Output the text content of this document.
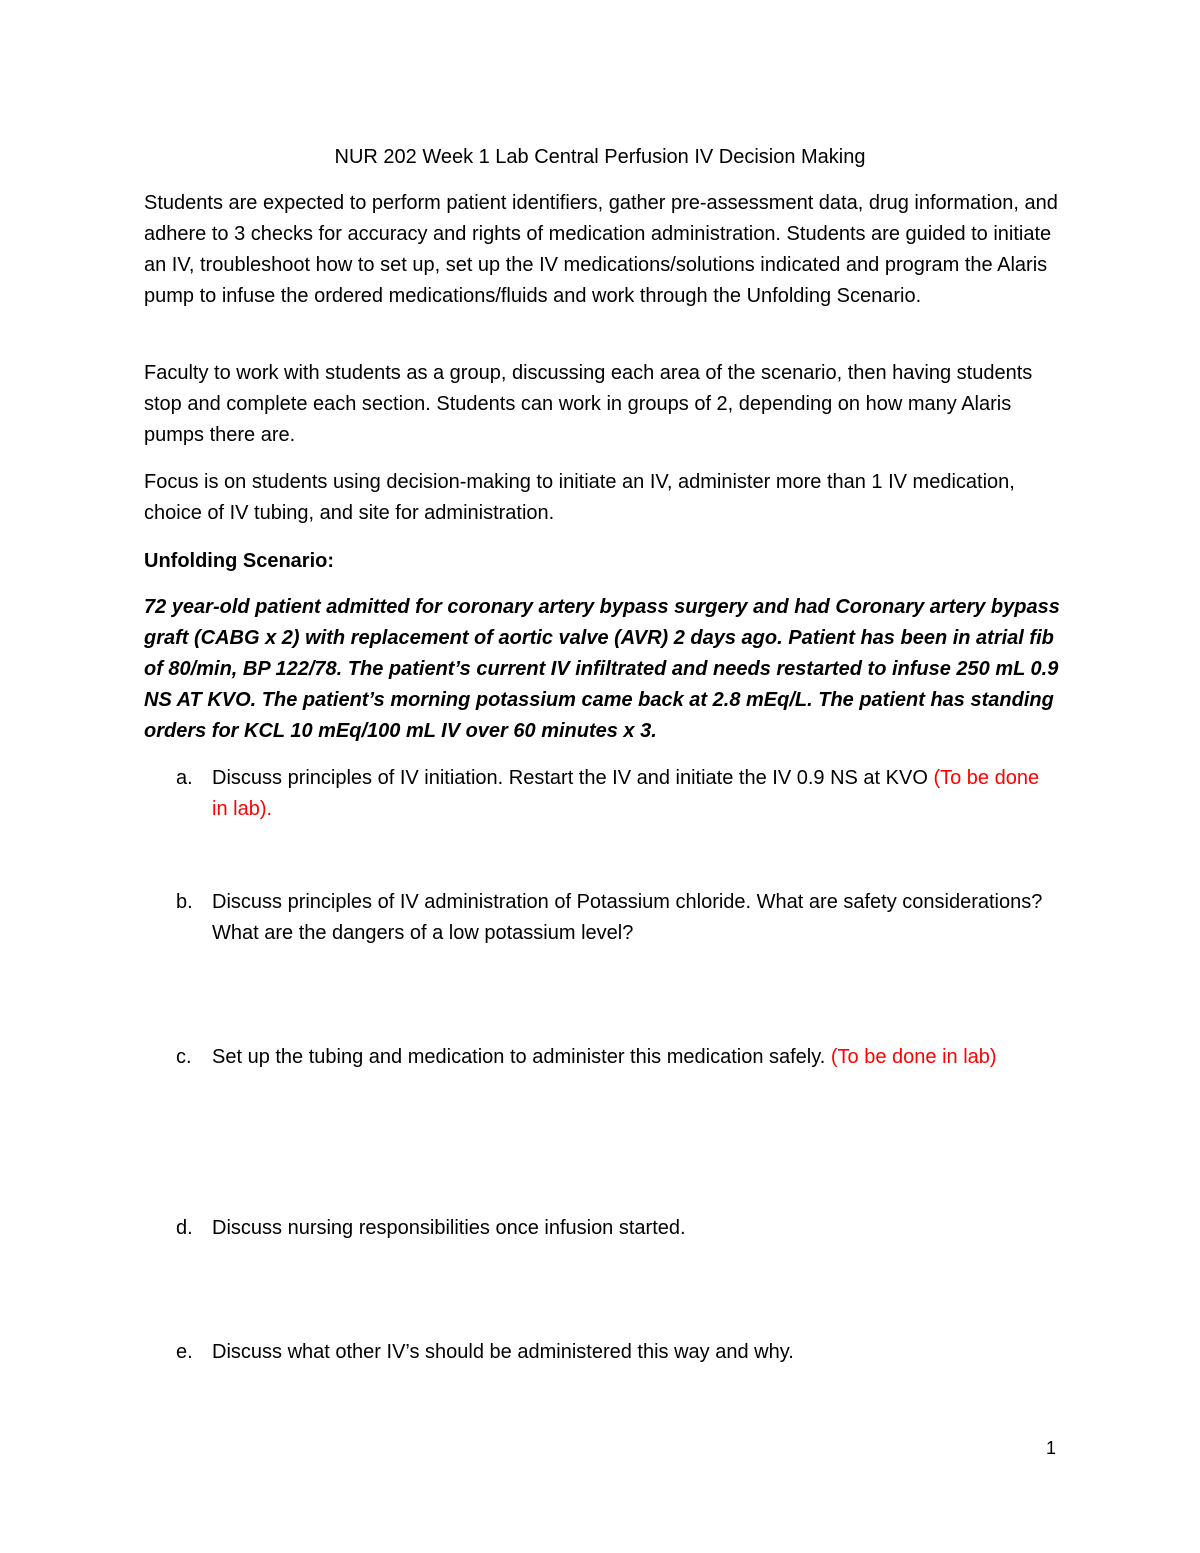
NUR 202 Week 1 Lab Central Perfusion IV Decision Making

Students are expected to perform patient identifiers, gather pre-assessment data, drug information, and adhere to 3 checks for accuracy and rights of medication administration. Students are guided to initiate an IV, troubleshoot how to set up, set up the IV medications/solutions indicated and program the Alaris pump to infuse the ordered medications/fluids and work through the Unfolding Scenario.

Faculty to work with students as a group, discussing each area of the scenario, then having students stop and complete each section. Students can work in groups of 2, depending on how many Alaris pumps there are.

Focus is on students using decision-making to initiate an IV, administer more than 1 IV medication, choice of IV tubing, and site for administration.

Unfolding Scenario:

72 year-old patient admitted for coronary artery bypass surgery and had Coronary artery bypass graft (CABG x 2) with replacement of aortic valve (AVR) 2 days ago. Patient has been in atrial fib of 80/min, BP 122/78. The patient’s current IV infiltrated and needs restarted to infuse 250 mL 0.9 NS AT KVO. The patient’s morning potassium came back at 2.8 mEq/L. The patient has standing orders for KCL 10 mEq/100 mL IV over 60 minutes x 3.

a. Discuss principles of IV initiation. Restart the IV and initiate the IV 0.9 NS at KVO (To be done in lab).
b. Discuss principles of IV administration of Potassium chloride. What are safety considerations? What are the dangers of a low potassium level?
c.	Set up the tubing and medication to administer this medication safely. (To be done in lab)
d. Discuss nursing responsibilities once infusion started.
e. Discuss what other IV’s should be administered this way and why.
1
